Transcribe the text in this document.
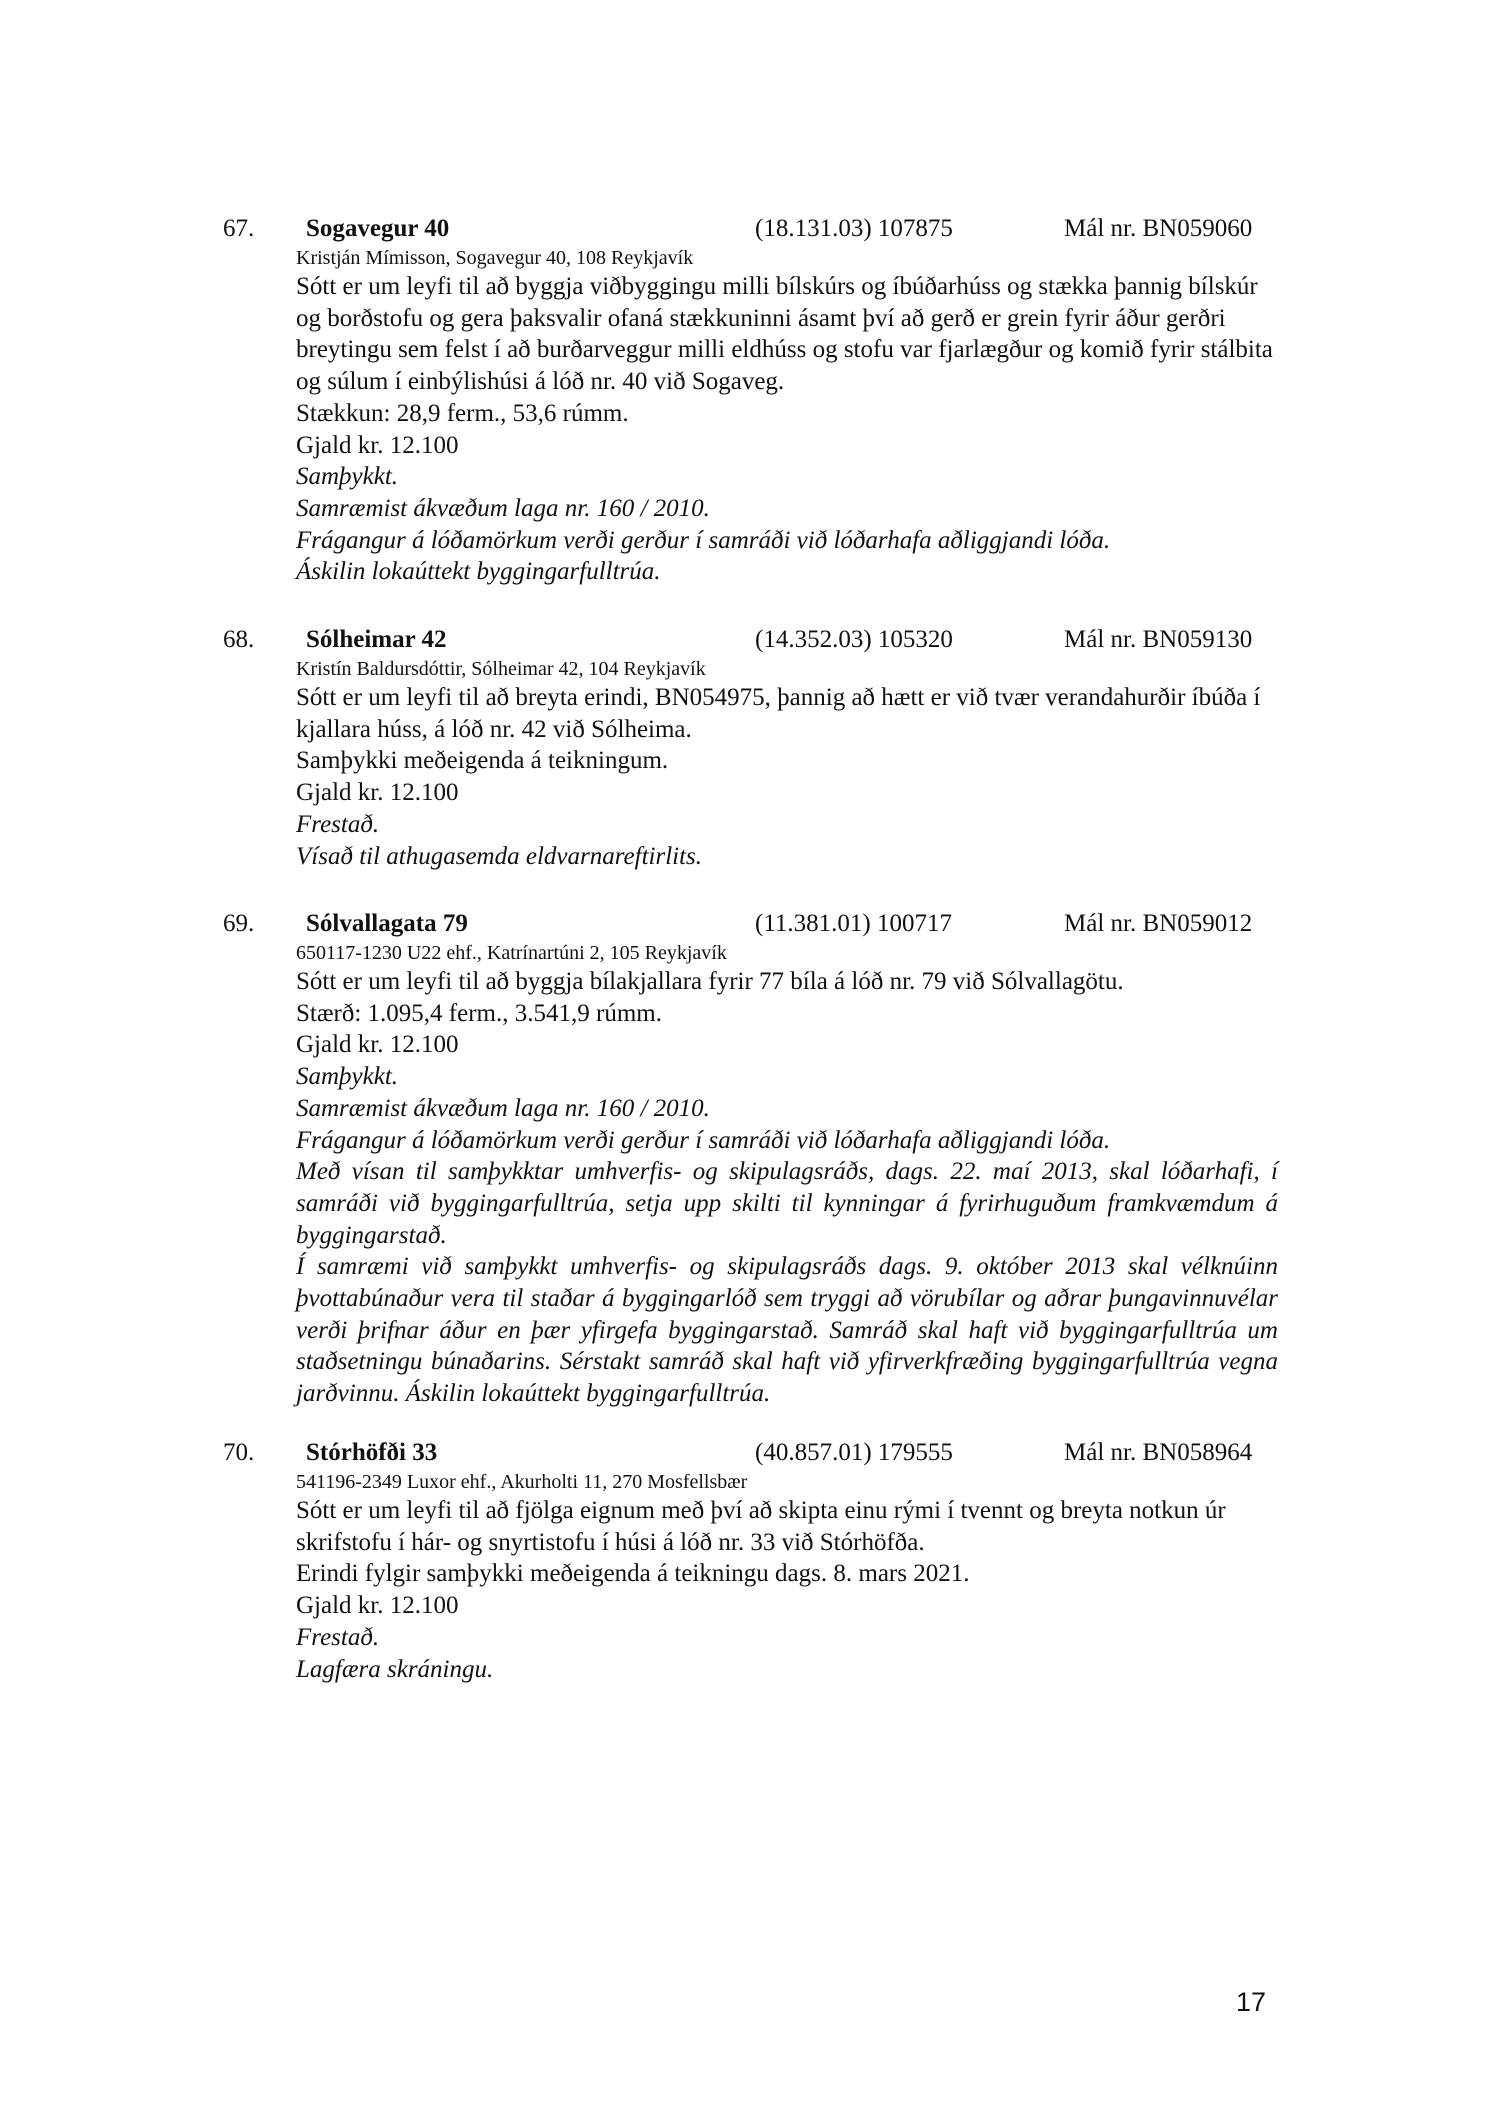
67. Sogavegur 40	(18.131.03) 107875	Mál nr. BN059060
Kristján Mímisson, Sogavegur 40, 108 Reykjavík

Sótt er um leyfi til að byggja viðbyggingu milli bílskúrs og íbúðarhúss og stækka þannig bílskúr og borðstofu og gera þaksvalir ofaná stækkuninni ásamt því að gerð er grein fyrir áður gerðri breytingu sem felst í að burðarveggur milli eldhúss og stofu var fjarlægður og komið fyrir stálbita og súlum í einbýlishúsi á lóð nr. 40 við Sogaveg.

Stækkun: 28,9 ferm., 53,6 rúmm.

Gjald kr. 12.100

Samþykkt.

Samræmist ákvæðum laga nr. 160 / 2010.

Frágangur á lóðamörkum verði gerður í samráði við lóðarhafa aðliggjandi lóða.

Áskilin lokaúttekt byggingarfulltrúa.

68. Sólheimar 42	(14.352.03) 105320	Mál nr. BN059130
Kristín Baldursdóttir, Sólheimar 42, 104 Reykjavík

Sótt er um leyfi til að breyta erindi, BN054975, þannig að hætt er við tvær verandahurðir íbúða í kjallara húss, á lóð nr. 42 við Sólheima.

Samþykki meðeigenda á teikningum.

Gjald kr. 12.100

Frestað.

Vísað til athugasemda eldvarnareftirlits.

69. Sólvallagata 79	(11.381.01) 100717	Mál nr. BN059012
650117-1230 U22 ehf., Katrínartúni 2, 105 Reykjavík

Sótt er um leyfi til að byggja bílakjallara fyrir 77 bíla á lóð nr. 79 við Sólvallagötu.

Stærð: 1.095,4 ferm., 3.541,9 rúmm.

Gjald kr. 12.100

Samþykkt.

Samræmist ákvæðum laga nr. 160 / 2010.

Frágangur á lóðamörkum verði gerður í samráði við lóðarhafa aðliggjandi lóða.

Með vísan til samþykktar umhverfis- og skipulagsráðs, dags. 22. maí 2013, skal lóðarhafi, í samráði við byggingarfulltrúa, setja upp skilti til kynningar á fyrirhuguðum framkvæmdum á byggingarstað.

Í samræmi við samþykkt umhverfis- og skipulagsráðs dags. 9. október 2013 skal vélknúinn þvottabúnaður vera til staðar á byggingarlóð sem tryggi að vörubílar og aðrar þungavinnuvélar verði þrifnar áður en þær yfirgefa byggingarstað. Samráð skal haft við byggingarfulltrúa um staðsetningu búnaðarins. Sérstakt samráð skal haft við yfirverkfræðing byggingarfulltrúa vegna jarðvinnu. Áskilin lokaúttekt byggingarfulltrúa.

70. Stórhöfði 33	(40.857.01) 179555	Mál nr. BN058964
541196-2349 Luxor ehf., Akurholti 11, 270 Mosfellsbær

Sótt er um leyfi til að fjölga eignum með því að skipta einu rými í tvennt og breyta notkun úr skrifstofu í hár- og snyrtistofu í húsi á lóð nr. 33 við Stórhöfða.

Erindi fylgir samþykki meðeigenda á teikningu dags. 8. mars 2021.

Gjald kr. 12.100

Frestað.

Lagfæra skráningu.

17
